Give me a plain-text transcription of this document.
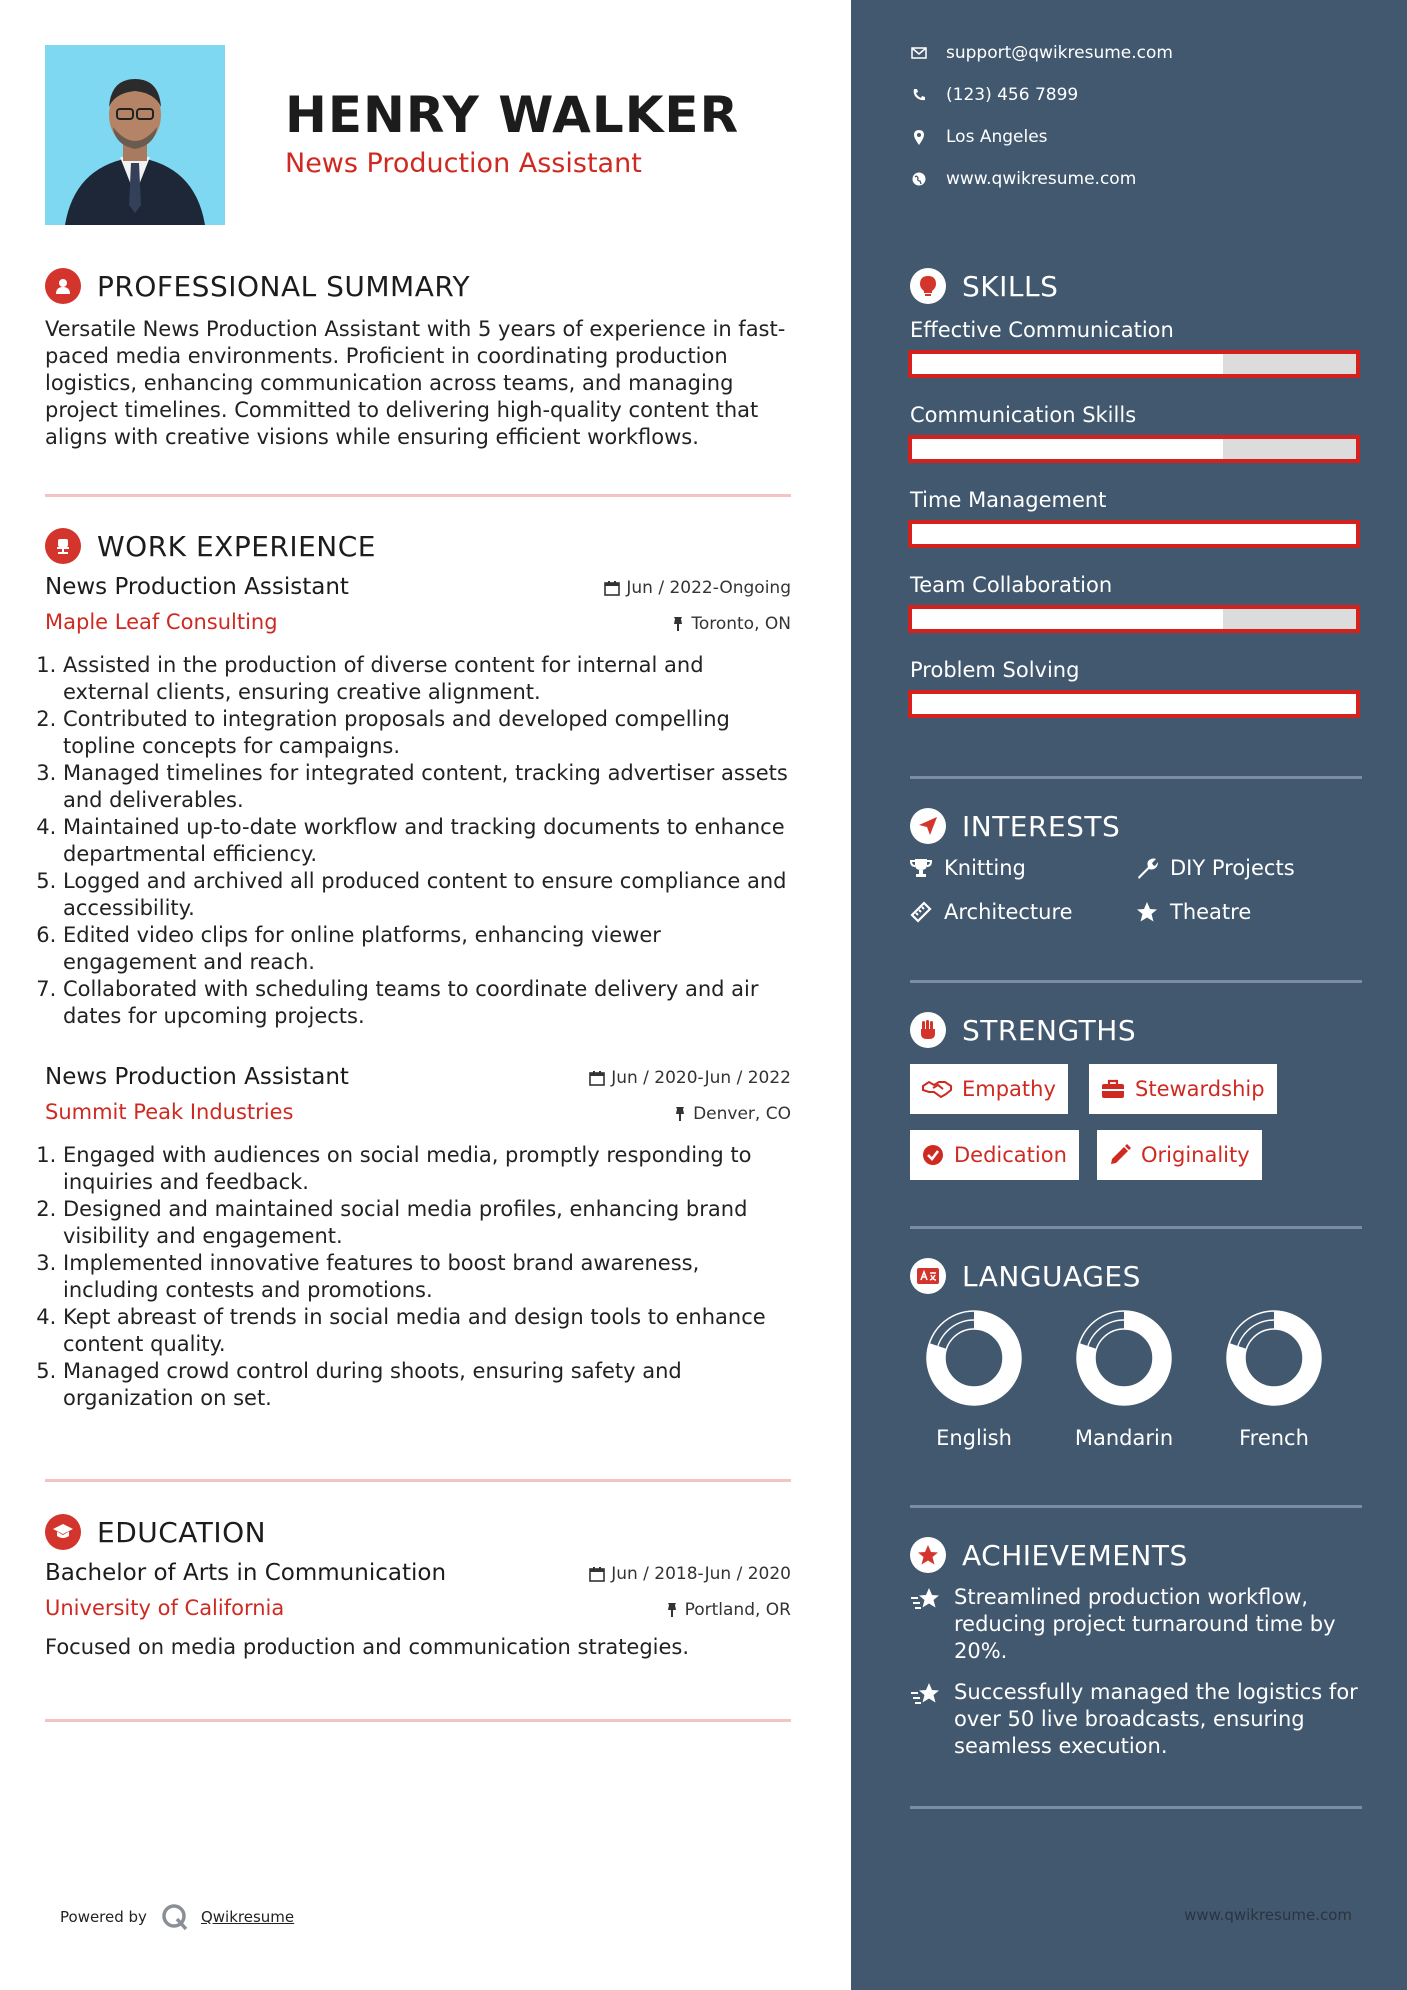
HENRY WALKER
News Production Assistant
PROFESSIONAL SUMMARY
Versatile News Production Assistant with 5 years of experience in fast-paced media environments. Proficient in coordinating production logistics, enhancing communication across teams, and managing project timelines. Committed to delivering high-quality content that aligns with creative visions while ensuring efficient workflows.
WORK EXPERIENCE
News Production Assistant	Jun / 2022-Ongoing
Maple Leaf Consulting	Toronto, ON
1. Assisted in the production of diverse content for internal and external clients, ensuring creative alignment.
2. Contributed to integration proposals and developed compelling topline concepts for campaigns.
3. Managed timelines for integrated content, tracking advertiser assets and deliverables.
4. Maintained up-to-date workflow and tracking documents to enhance departmental efficiency.
5. Logged and archived all produced content to ensure compliance and accessibility.
6. Edited video clips for online platforms, enhancing viewer engagement and reach.
7. Collaborated with scheduling teams to coordinate delivery and air dates for upcoming projects.
News Production Assistant	Jun / 2020-Jun / 2022
Summit Peak Industries	Denver, CO
1. Engaged with audiences on social media, promptly responding to inquiries and feedback.
2. Designed and maintained social media profiles, enhancing brand visibility and engagement.
3. Implemented innovative features to boost brand awareness, including contests and promotions.
4. Kept abreast of trends in social media and design tools to enhance content quality.
5. Managed crowd control during shoots, ensuring safety and organization on set.
EDUCATION
Bachelor of Arts in Communication	Jun / 2018-Jun / 2020
University of California	Portland, OR
Focused on media production and communication strategies.
Powered by	Qwikresume
support@qwikresume.com
(123) 456 7899
Los Angeles
www.qwikresume.com
SKILLS
Effective Communication
Communication Skills
Time Management
Team Collaboration
Problem Solving
INTERESTS
Knitting	DIY Projects
Architecture	Theatre
STRENGTHS
Empathy	Stewardship
Dedication	Originality
LANGUAGES
English	Mandarin	French
ACHIEVEMENTS
Streamlined production workflow, reducing project turnaround time by 20%.
Successfully managed the logistics for over 50 live broadcasts, ensuring seamless execution.
www.qwikresume.com
